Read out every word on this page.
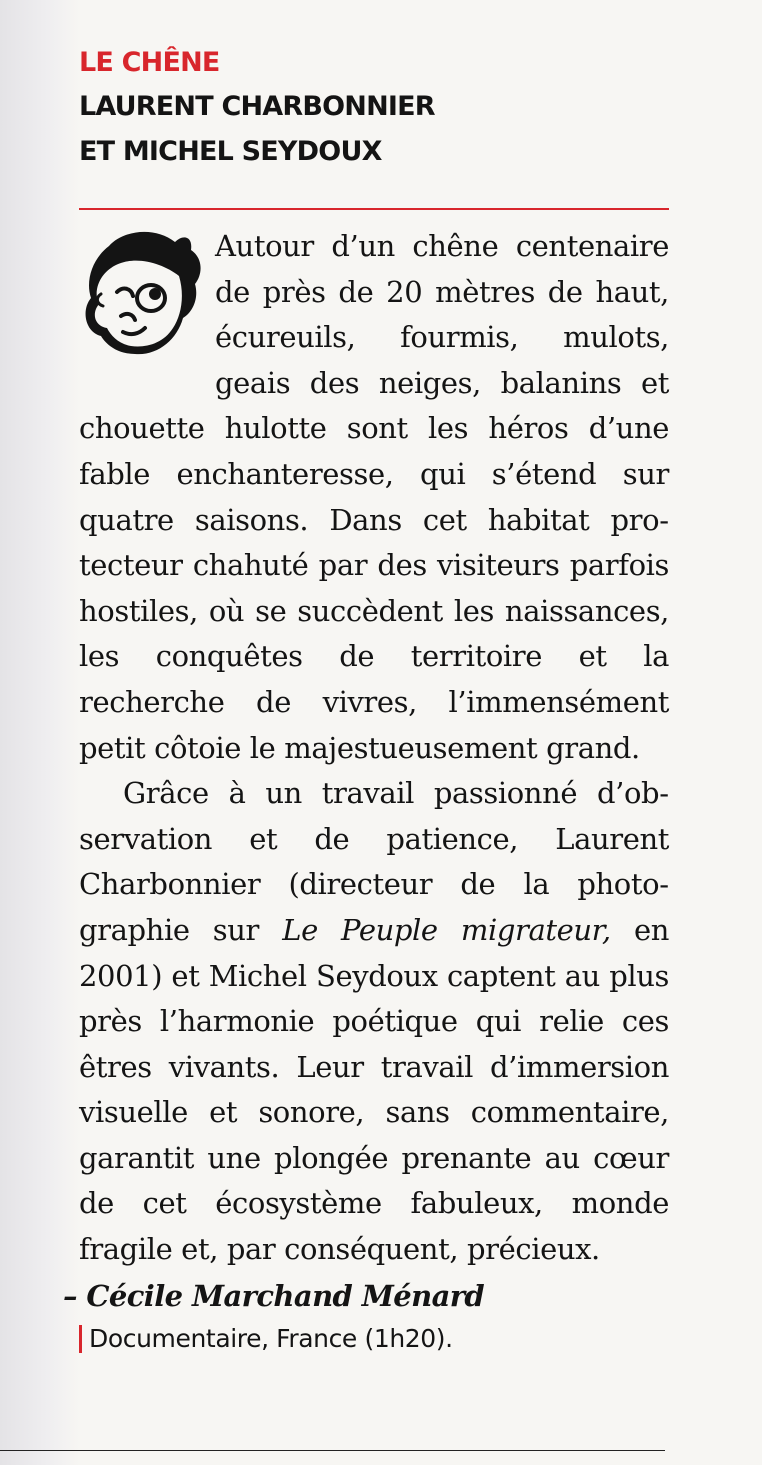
LE CHÊNE
LAURENT CHARBONNIER
ET MICHEL SEYDOUX

Autour d’un chêne centenaire de près de 20 mètres de haut, écureuils, fourmis, mulots, geais des neiges, balanins et chouette hulotte sont les héros d’une fable enchanteresse, qui s’étend sur quatre saisons. Dans cet habitat protecteur chahuté par des visiteurs parfois hostiles, où se succèdent les naissances, les conquêtes de territoire et la recherche de vivres, l’immensément petit côtoie le majestueusement grand.

Grâce à un travail passionné d’observation et de patience, Laurent Charbonnier (directeur de la photographie sur Le Peuple migrateur, en 2001) et Michel Seydoux captent au plus près l’harmonie poétique qui relie ces êtres vivants. Leur travail d’immersion visuelle et sonore, sans commentaire, garantit une plongée prenante au cœur de cet écosystème fabuleux, monde fragile et, par conséquent, précieux.

– Cécile Marchand Ménard
Documentaire, France (1h20).
